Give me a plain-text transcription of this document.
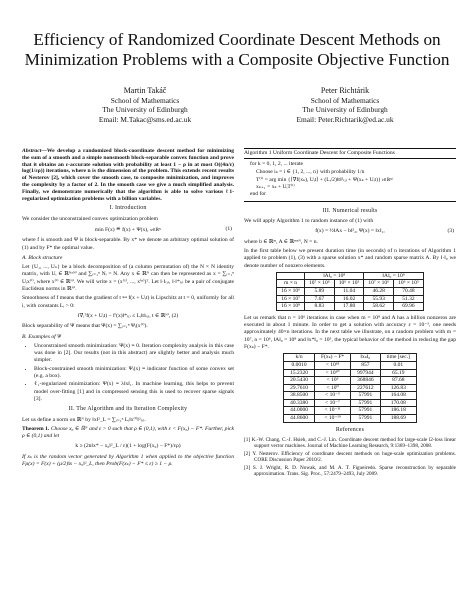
Efficiency of Randomized Coordinate Descent Methods on Minimization Problems with a Composite Objective Function
Martin Takáč
School of Mathematics
The University of Edinburgh
Email: M.Takac@sms.ed.ac.uk
Peter Richtárik
School of Mathematics
The University of Edinburgh
Email: Peter.Richtarik@ed.ac.uk

Abstract—We develop a randomized block-coordinate descent method for minimizing the sum of a smooth and a simple nonsmooth block-separable convex function and prove that it obtains an ε-accurate solution with probability at least 1 − ρ in at most O((4n/ε) log(1/ερ)) iterations, where n is the dimension of the problem. This extends recent results of Nesterov [2], which cover the smooth case, to composite minimization, and improves the complexity by a factor of 2. In the smooth case we give a much simplified analysis. Finally, we demonstrate numerically that the algorithm is able to solve various ℓ1-regularized optimization problems with a billion variables.

I. Introduction

We consider the unconstrained convex optimization problem

min F(x) ≝ f(x) + Ψ(x), x∈ℝᴺ	(1)

where f is smooth and Ψ is block-separable. By x* we denote an arbitrary optimal solution of (1) and by F* the optimal value.

A. Block structure

Let {U₁, ..., Uₙ} be a block decomposition of (a column permutation of) the N × N identity matrix, with Uᵢ ∈ ℝᴺˣᴺⁱ and ∑ᵢ₌₁ⁿ Nᵢ = N. Any x ∈ ℝᴺ can then be represented as x = ∑ᵢ₌₁ⁿ Uᵢx⁽ⁱ⁾, where x⁽ⁱ⁾ ∈ ℝᴺⁱ. We will write x = (x⁽¹⁾, ..., x⁽ⁿ⁾)ᵀ. Let ‖·‖₍ᵢ₎, ‖·‖*₍ᵢ₎ be a pair of conjugate Euclidean norms in ℝᴺⁱ.

Smoothness of f means that the gradient of t ↦ f(x + Uᵢt) is Lipschitz at t = 0, uniformly for all i, with constants Lᵢ > 0:

‖∇ᵢᵀf(x + Uᵢt) − f′(x)‖*₍ᵢ₎ ≤ Lᵢ‖t‖₍ᵢ₎, t ∈ ℝᴺⁱ, (2)

Block separability of Ψ means that Ψ(x) = ∑ᵢ₌₁ⁿ Ψᵢ(x⁽ⁱ⁾).

B. Examples of Ψ
• Unconstrained smooth minimization: Ψ(x) ≡ 0. Iteration complexity analysis in this case was done in [2]. Our results (not in this abstract) are slightly better and analysis much simpler.
• Block-constrained smooth minimization: Ψᵢ(x) ≡ indicator function of some convex set (e.g. a box).
• ℓ₁-regularized minimization: Ψ(x) ≡ λ‖x‖₁. In machine learning, this helps to prevent model over-fitting [1] and in compressed sensing this is used to recover sparse signals [3].
II. The Algorithm and its Iteration Complexity

Let us define a norm on ℝᴺ by ‖x‖²_L = ∑ᵢ₌₁ⁿ Lᵢ‖x⁽ⁱ⁾‖²₍ᵢ₎.

Theorem 1. Choose x₀ ∈ ℝᴺ and ε > 0 such that ρ ∈ (0,1), with ε < F(x₀) − F*. Further, pick ρ ∈ (0,1) and let

k ≥ (2n‖x* − x₀‖²_L / ε)(1 + log(F(x₀) − F*)/ερ)

If xₖ is the random vector generated by Algorithm 1 when applied to the objective function Fμ(x) = F(x) + (μ/2)‖x − x₀‖²_L, then Prob(F(xₖ) − F* ≤ ε) ≥ 1 − ρ.

Algorithm 1 Uniform Coordinate Descent for Composite Functions
for k = 0, 1, 2, ... iterate
Choose iₖ = i ∈ {1, 2, ..., n} with probability 1/n
T⁽ⁱ⁾ = arg min {⟨∇f(xₖ), Uᵢt⟩ + (Lᵢ/2)‖t‖²₍ᵢ₎ + Ψ(xₖ + Uᵢt)} t∈ℝᴺⁱ
xₖ₊₁ = xₖ + UᵢT⁽ⁱ⁾
end for
III. Numerical results

We will apply Algorithm 1 to random instance of (1) with

f(x) = ½‖Ax − b‖²₂, Ψ(x) = ‖x‖₁,	(3)

where b ∈ ℝᵐ, A ∈ ℝᵐˣᴺ, N = n.

In the first table below we present duration time (in seconds) of n iterations of Algorithm 1 applied to problem (1), (3) with a sparse solution x* and random sparse matrix A. By ‖·‖₀ we denote number of nonzero elements.

	‖A‖₀ = 10⁸		‖A‖₀ = 10⁹	
m × n	10⁷ × 10⁶	10⁶ × 10⁵	10⁷ × 10⁶	10⁶ × 10⁵
16 × 10⁶	5.89	11.04	46.28	70.48
16 × 10⁷	7.67	16.02	55.93	51.32
16 × 10⁸	8.83	17.80	58.62	69.96

Let us remark that n = 10⁶ iterations in case when m = 10⁸ and A has a billion nonzeros are executed in about 1 minute. In order to get a solution with accuracy ε = 10⁻⁵, one needs approximately 40×n iterations. In the next table we illustrate, on a random problem with m = 10⁷, n = 10⁶, ‖A‖₀ = 10⁸ and ‖x*‖₀ = 10⁵, the typical behavior of the method in reducing the gap F(xₖ) − F*.

k/n	F(xₖ) − F*	‖xₖ‖₀	time [sec.]
0.0010	< 10¹⁸	857	0.01
15.2320	< 10¹⁰	997944	65.19
20.5430	< 10⁵	368846	87.68
29.7610	< 10⁰	227612	126.83
38.8500	< 10⁻⁵	57991	164.08
40.3380	< 10⁻⁷	57991	170.08
44.0000	< 10⁻¹¹	57991	186.18
44.8600	< 10⁻¹⁹	57991	188.69
References

[1] K.-W. Chang, C.-J. Hsieh, and C.-J. Lin. Coordinate descent method for large-scale l2-loss linear support vector machines. Journal of Machine Learning Research, 9:1369–1398, 2008.

[2] Y. Nesterov. Efficiency of coordinate descent methods on huge-scale optimization problems. CORE Discussion Paper 2010/2.

[3] S. J. Wright, R. D. Nowak, and M. A. T. Figueiredo. Sparse reconstruction by separable approximation. Trans. Sig. Proc., 57:2479–2493, July 2009.
